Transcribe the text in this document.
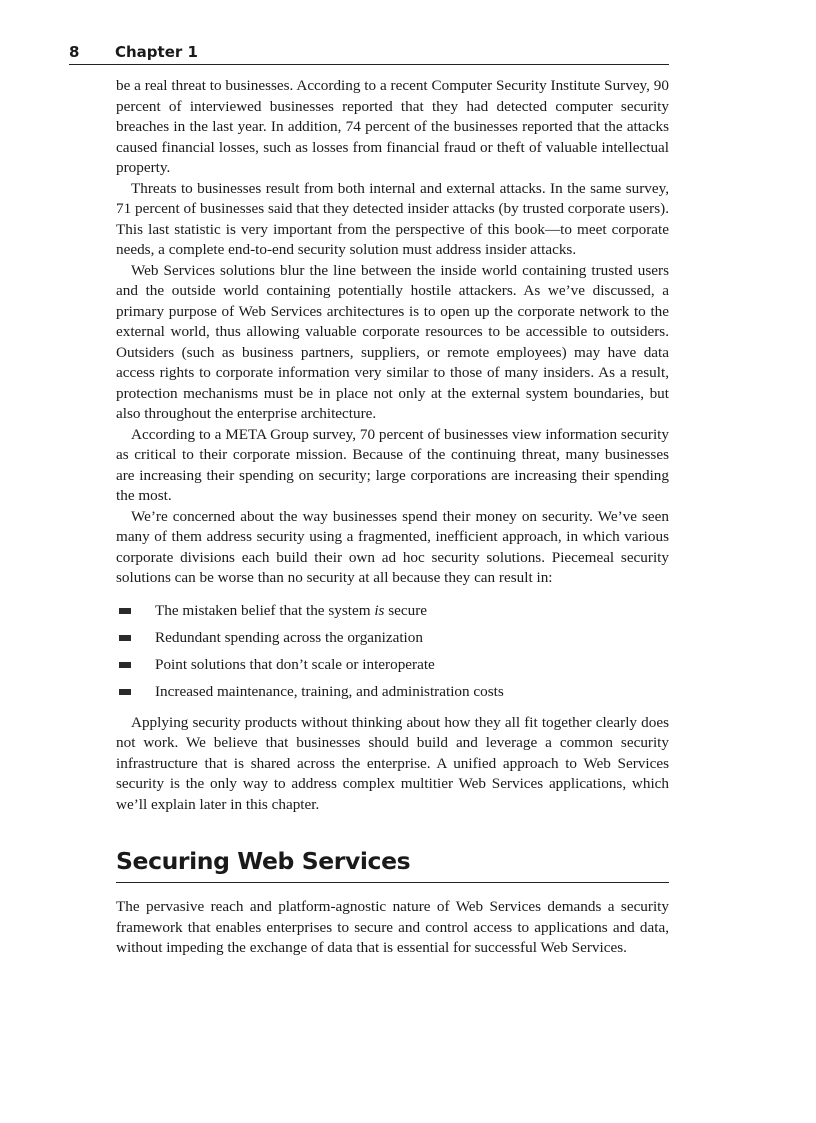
8 Chapter 1

be a real threat to businesses. According to a recent Computer Security Institute Survey, 90 percent of interviewed businesses reported that they had detected computer security breaches in the last year. In addition, 74 percent of the businesses reported that the attacks caused financial losses, such as losses from financial fraud or theft of valuable intellectual property.

Threats to businesses result from both internal and external attacks. In the same survey, 71 percent of businesses said that they detected insider attacks (by trusted corporate users). This last statistic is very important from the perspective of this book—to meet corporate needs, a complete end-to-end security solution must address insider attacks.

Web Services solutions blur the line between the inside world containing trusted users and the outside world containing potentially hostile attackers. As we’ve discussed, a primary purpose of Web Services architectures is to open up the corporate network to the external world, thus allowing valuable corporate resources to be accessible to outsiders. Outsiders (such as business partners, suppliers, or remote employees) may have data access rights to corporate information very similar to those of many insiders. As a result, protection mechanisms must be in place not only at the external system boundaries, but also throughout the enterprise architecture.

According to a META Group survey, 70 percent of businesses view information security as critical to their corporate mission. Because of the continuing threat, many businesses are increasing their spending on security; large corporations are increasing their spending the most.

We’re concerned about the way businesses spend their money on security. We’ve seen many of them address security using a fragmented, inefficient approach, in which various corporate divisions each build their own ad hoc security solutions. Piecemeal security solutions can be worse than no security at all because they can result in:

The mistaken belief that the system is secure
Redundant spending across the organization
Point solutions that don’t scale or interoperate
Increased maintenance, training, and administration costs

Applying security products without thinking about how they all fit together clearly does not work. We believe that businesses should build and leverage a common security infrastructure that is shared across the enterprise. A unified approach to Web Services security is the only way to address complex multitier Web Services applications, which we’ll explain later in this chapter.

Securing Web Services

The pervasive reach and platform-agnostic nature of Web Services demands a security framework that enables enterprises to secure and control access to applications and data, without impeding the exchange of data that is essential for successful Web Services.
